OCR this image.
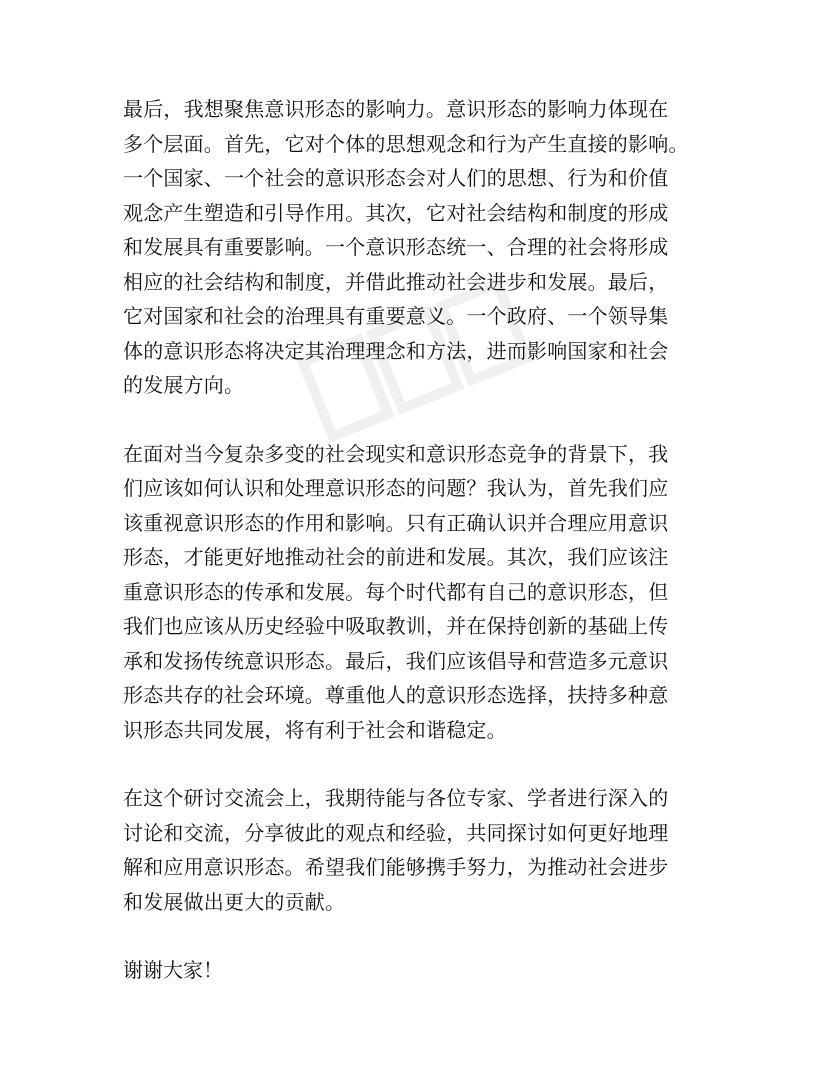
最后，我想聚焦意识形态的影响力。意识形态的影响力体现在
多个层面。首先，它对个体的思想观念和行为产生直接的影响。
一个国家、一个社会的意识形态会对人们的思想、行为和价值
观念产生塑造和引导作用。其次，它对社会结构和制度的形成
和发展具有重要影响。一个意识形态统一、合理的社会将形成
相应的社会结构和制度，并借此推动社会进步和发展。最后，
它对国家和社会的治理具有重要意义。一个政府、一个领导集
体的意识形态将决定其治理理念和方法，进而影响国家和社会
的发展方向。

在面对当今复杂多变的社会现实和意识形态竞争的背景下，我
们应该如何认识和处理意识形态的问题？我认为，首先我们应
该重视意识形态的作用和影响。只有正确认识并合理应用意识
形态，才能更好地推动社会的前进和发展。其次，我们应该注
重意识形态的传承和发展。每个时代都有自己的意识形态，但
我们也应该从历史经验中吸取教训，并在保持创新的基础上传
承和发扬传统意识形态。最后，我们应该倡导和营造多元意识
形态共存的社会环境。尊重他人的意识形态选择，扶持多种意
识形态共同发展，将有利于社会和谐稳定。

在这个研讨交流会上，我期待能与各位专家、学者进行深入的
讨论和交流，分享彼此的观点和经验，共同探讨如何更好地理
解和应用意识形态。希望我们能够携手努力，为推动社会进步
和发展做出更大的贡献。

谢谢大家！
